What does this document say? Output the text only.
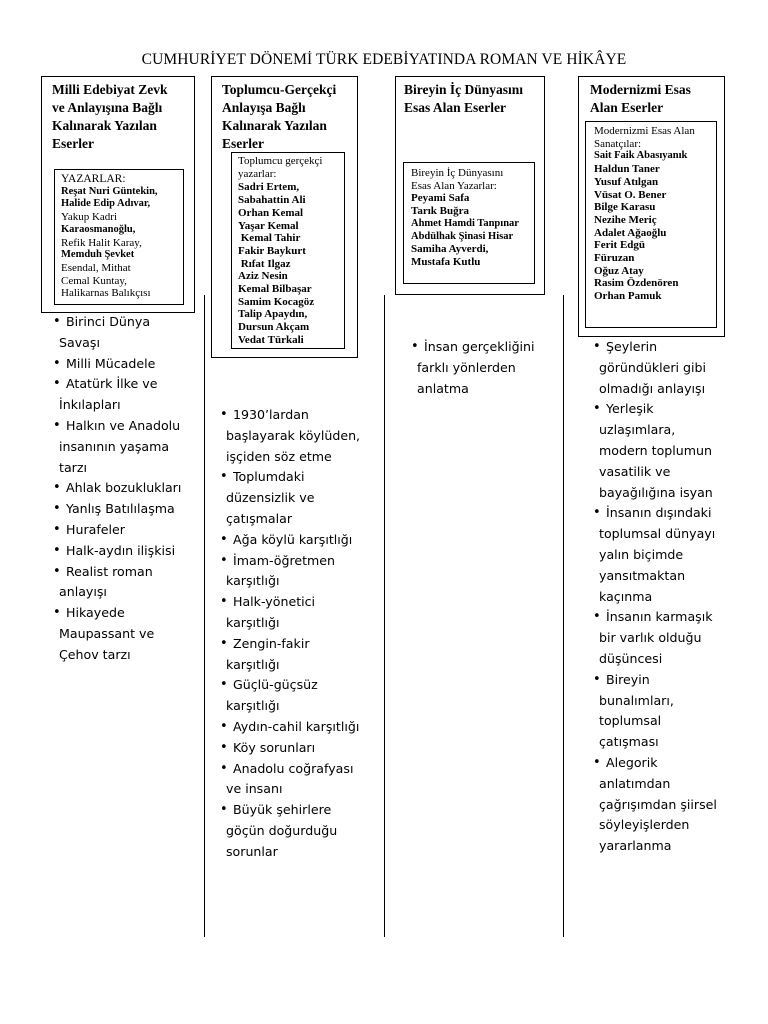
CUMHURİYET DÖNEMİ TÜRK EDEBİYATINDA ROMAN VE HİKÂYE
Milli Edebiyat Zevk
ve Anlayışına Bağlı
Kalınarak Yazılan
Eserler
YAZARLAR:
Reşat Nuri Güntekin,
Halide Edip Adıvar,
Yakup Kadri
Karaosmanoğlu,
Refik Halit Karay,
Memduh Şevket
Esendal, Mithat
Cemal Kuntay,
Halikarnas Balıkçısı
• Birinci Dünya
Savaşı
• Milli Mücadele
• Atatürk İlke ve
İnkılapları
• Halkın ve Anadolu
insanının yaşama
tarzı
• Ahlak bozuklukları
• Yanlış Batılılaşma
• Hurafeler
• Halk-aydın ilişkisi
• Realist roman
anlayışı
• Hikayede
Maupassant ve
Çehov tarzı
Toplumcu-Gerçekçi
Anlayışa Bağlı
Kalınarak Yazılan
Eserler
Toplumcu gerçekçi
yazarlar:
Sadri Ertem,
Sabahattin Ali
Orhan Kemal
Yaşar Kemal
Kemal Tahir
Fakir Baykurt
Rıfat Ilgaz
Aziz Nesin
Kemal Bilbaşar
Samim Kocagöz
Talip Apaydın,
Dursun Akçam
Vedat Türkali
• 1930’lardan
başlayarak köylüden,
işçiden söz etme
• Toplumdaki
düzensizlik ve
çatışmalar
• Ağa köylü karşıtlığı
• İmam-öğretmen
karşıtlığı
• Halk-yönetici
karşıtlığı
• Zengin-fakir
karşıtlığı
• Güçlü-güçsüz
karşıtlığı
• Aydın-cahil karşıtlığı
• Köy sorunları
• Anadolu coğrafyası
ve insanı
• Büyük şehirlere
göçün doğurduğu
sorunlar
Bireyin İç Dünyasını
Esas Alan Eserler
Bireyin İç Dünyasını
Esas Alan Yazarlar:
Peyami Safa
Tarık Buğra
Ahmet Hamdi Tanpınar
Abdülhak Şinasi Hisar
Samiha Ayverdi,
Mustafa Kutlu
• İnsan gerçekliğini
farklı yönlerden
anlatma
Modernizmi Esas
Alan Eserler
Modernizmi Esas Alan
Sanatçılar:
Sait Faik Abasıyanık
Haldun Taner
Yusuf Atılgan
Vüsat O. Bener
Bilge Karasu
Nezihe Meriç
Adalet Ağaoğlu
Ferit Edgü
Füruzan
Oğuz Atay
Rasim Özdenören
Orhan Pamuk
• Şeylerin
göründükleri gibi
olmadığı anlayışı
• Yerleşik
uzlaşımlara,
modern toplumun
vasatilik ve
bayağılığına isyan
• İnsanın dışındaki
toplumsal dünyayı
yalın biçimde
yansıtmaktan
kaçınma
• İnsanın karmaşık
bir varlık olduğu
düşüncesi
• Bireyin
bunalımları,
toplumsal
çatışması
• Alegorik
anlatımdan
çağrışımdan şiirsel
söyleyişlerden
yararlanma
